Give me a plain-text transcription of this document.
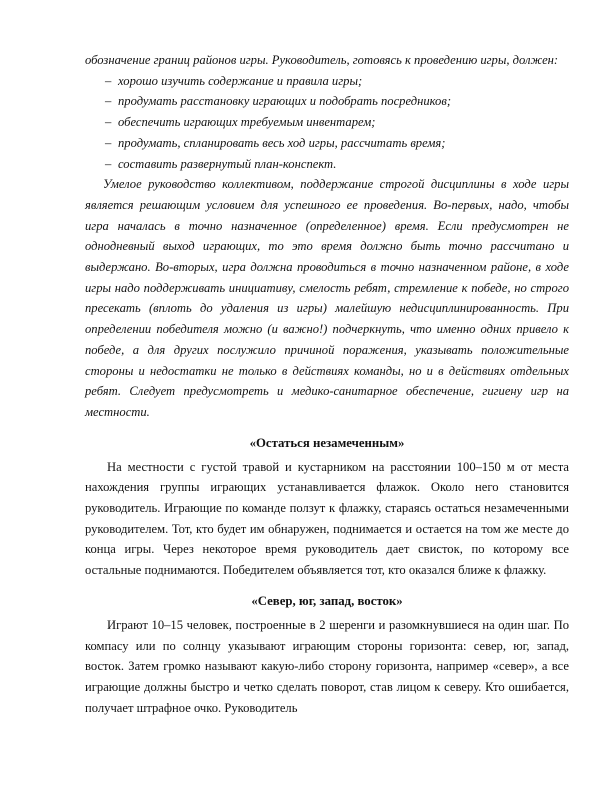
обозначение границ районов игры. Руководитель, готовясь к проведению игры, должен:

– хорошо изучить содержание и правила игры;
– продумать расстановку играющих и подобрать посредников;
– обеспечить играющих требуемым инвентарем;
– продумать, спланировать весь ход игры, рассчитать время;
– составить развернутый план-конспект.

Умелое руководство коллективом, поддержание строгой дисциплины в ходе игры является решающим условием для успешного ее проведения. Во-первых, надо, чтобы игра началась в точно назначенное (определенное) время. Если предусмотрен не однодневный выход играющих, то это время должно быть точно рассчитано и выдержано. Во-вторых, игра должна проводиться в точно назначенном районе, в ходе игры надо поддерживать инициативу, смелость ребят, стремление к победе, но строго пресекать (вплоть до удаления из игры) малейшую недисциплинированность. При определении победителя можно (и важно!) подчеркнуть, что именно одних привело к победе, а для других послужило причиной поражения, указывать положительные стороны и недостатки не только в действиях команды, но и в действиях отдельных ребят. Следует предусмотреть и медико-санитарное обеспечение, гигиену игр на местности.

«Остаться незамеченным»

На местности с густой травой и кустарником на расстоянии 100–150 м от места нахождения группы играющих устанавливается флажок. Около него становится руководитель. Играющие по команде ползут к флажку, стараясь остаться незамеченными руководителем. Тот, кто будет им обнаружен, поднимается и остается на том же месте до конца игры. Через некоторое время руководитель дает свисток, по которому все остальные поднимаются. Победителем объявляется тот, кто оказался ближе к флажку.

«Север, юг, запад, восток»

Играют 10–15 человек, построенные в 2 шеренги и разомкнувшиеся на один шаг. По компасу или по солнцу указывают играющим стороны горизонта: север, юг, запад, восток. Затем громко называют какую-либо сторону горизонта, например «север», а все играющие должны быстро и четко сделать поворот, став лицом к северу. Кто ошибается, получает штрафное очко. Руководитель
